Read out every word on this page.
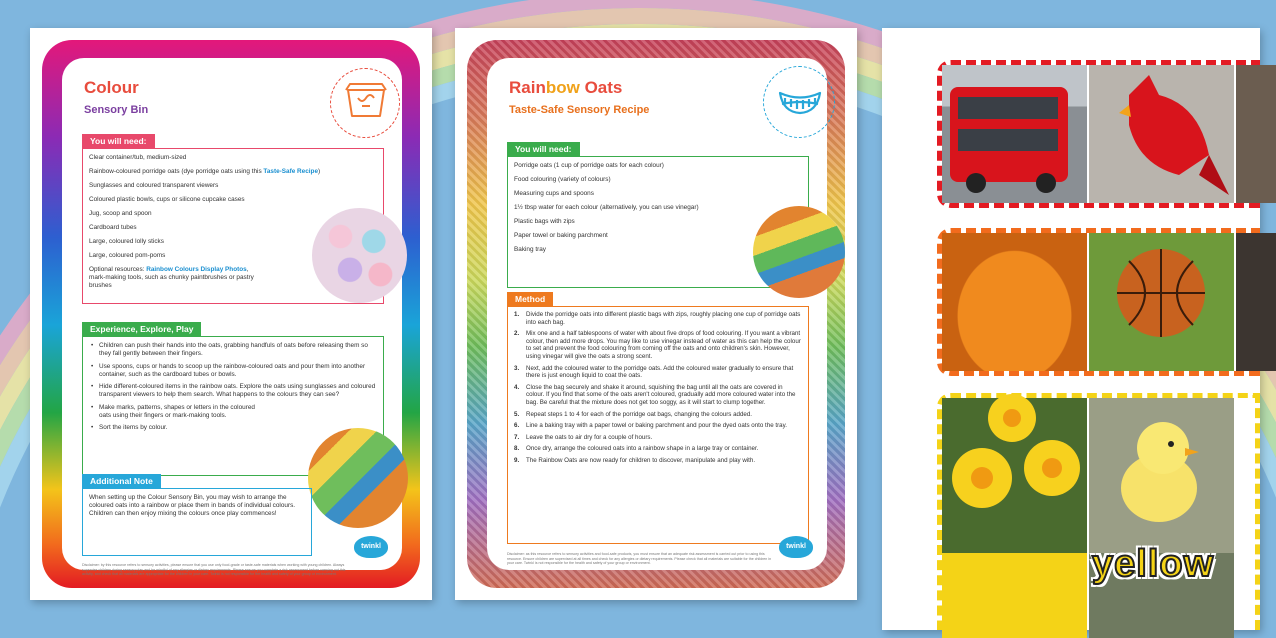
Colour
Sensory Bin
You will need:
Clear container/tub, medium-sized
Rainbow-coloured porridge oats (dye porridge oats using this Taste-Safe Recipe)
Sunglasses and coloured transparent viewers
Coloured plastic bowls, cups or silicone cupcake cases
Jug, scoop and spoon
Cardboard tubes
Large, coloured lolly sticks
Large, coloured pom-poms
Optional resources: Rainbow Colours Display Photos, mark-making tools, such as chunky paintbrushes or pastry brushes
Experience, Explore, Play
• Children can push their hands into the oats, grabbing handfuls of oats before releasing them so they fall gently between their fingers.
• Use spoons, cups or hands to scoop up the rainbow-coloured oats and pour them into another container, such as the cardboard tubes or bowls.
• Hide different-coloured items in the rainbow oats. Explore the oats using sunglasses and coloured transparent viewers to help them search. What happens to the colours they can see?
• Make marks, patterns, shapes or letters in the coloured oats using their fingers or mark-making tools.
• Sort the items by colour.
Additional Note
When setting up the Colour Sensory Bin, you may wish to arrange the coloured oats into a rainbow or place them in bands of individual colours. Children can then enjoy mixing the colours once play commences!
Disclaimer: by this resource refers to sensory activities, please ensure that you use only food-grade or taste-safe materials when working with young children. Always supervise children during sensory play and be mindful of any allergies or dietary requirements. Please ensure you complete a risk assessment before carrying out this activity, and check that all materials are appropriate for the children in your care. Twinkl is not responsible for the health and safety of your group or environment.
twinkl
Rainbow Oats
Taste-Safe Sensory Recipe
You will need:
Porridge oats (1 cup of porridge oats for each colour)
Food colouring (variety of colours)
Measuring cups and spoons
1½ tbsp water for each colour (alternatively, you can use vinegar)
Plastic bags with zips
Paper towel or baking parchment
Baking tray
Method
1. Divide the porridge oats into different plastic bags with zips, roughly placing one cup of porridge oats into each bag.
2. Mix one and a half tablespoons of water with about five drops of food colouring. If you want a vibrant colour, then add more drops. You may like to use vinegar instead of water as this can help the colour to set and prevent the food colouring from coming off the oats and onto children's skin. However, using vinegar will give the oats a strong scent.
3. Next, add the coloured water to the porridge oats. Add the coloured water gradually to ensure that there is just enough liquid to coat the oats.
4. Close the bag securely and shake it around, squishing the bag until all the oats are covered in colour. If you find that some of the oats aren't coloured, gradually add more coloured water into the bag. Be careful that the mixture does not get too soggy, as it will start to clump together.
5. Repeat steps 1 to 4 for each of the porridge oat bags, changing the colours added.
6. Line a baking tray with a paper towel or baking parchment and pour the dyed oats onto the tray.
7. Leave the oats to air dry for a couple of hours.
8. Once dry, arrange the coloured oats into a rainbow shape in a large tray or container.
9. The Rainbow Oats are now ready for children to discover, manipulate and play with.
Disclaimer: as this resource refers to sensory activities and food-safe products, you must ensure that an adequate risk assessment is carried out prior to using this resource. Ensure children are supervised at all times and check for any allergies or dietary requirements. Please check that all materials are suitable for the children in your care. Twinkl is not responsible for the health and safety of your group or environment.
twinkl	yellow
